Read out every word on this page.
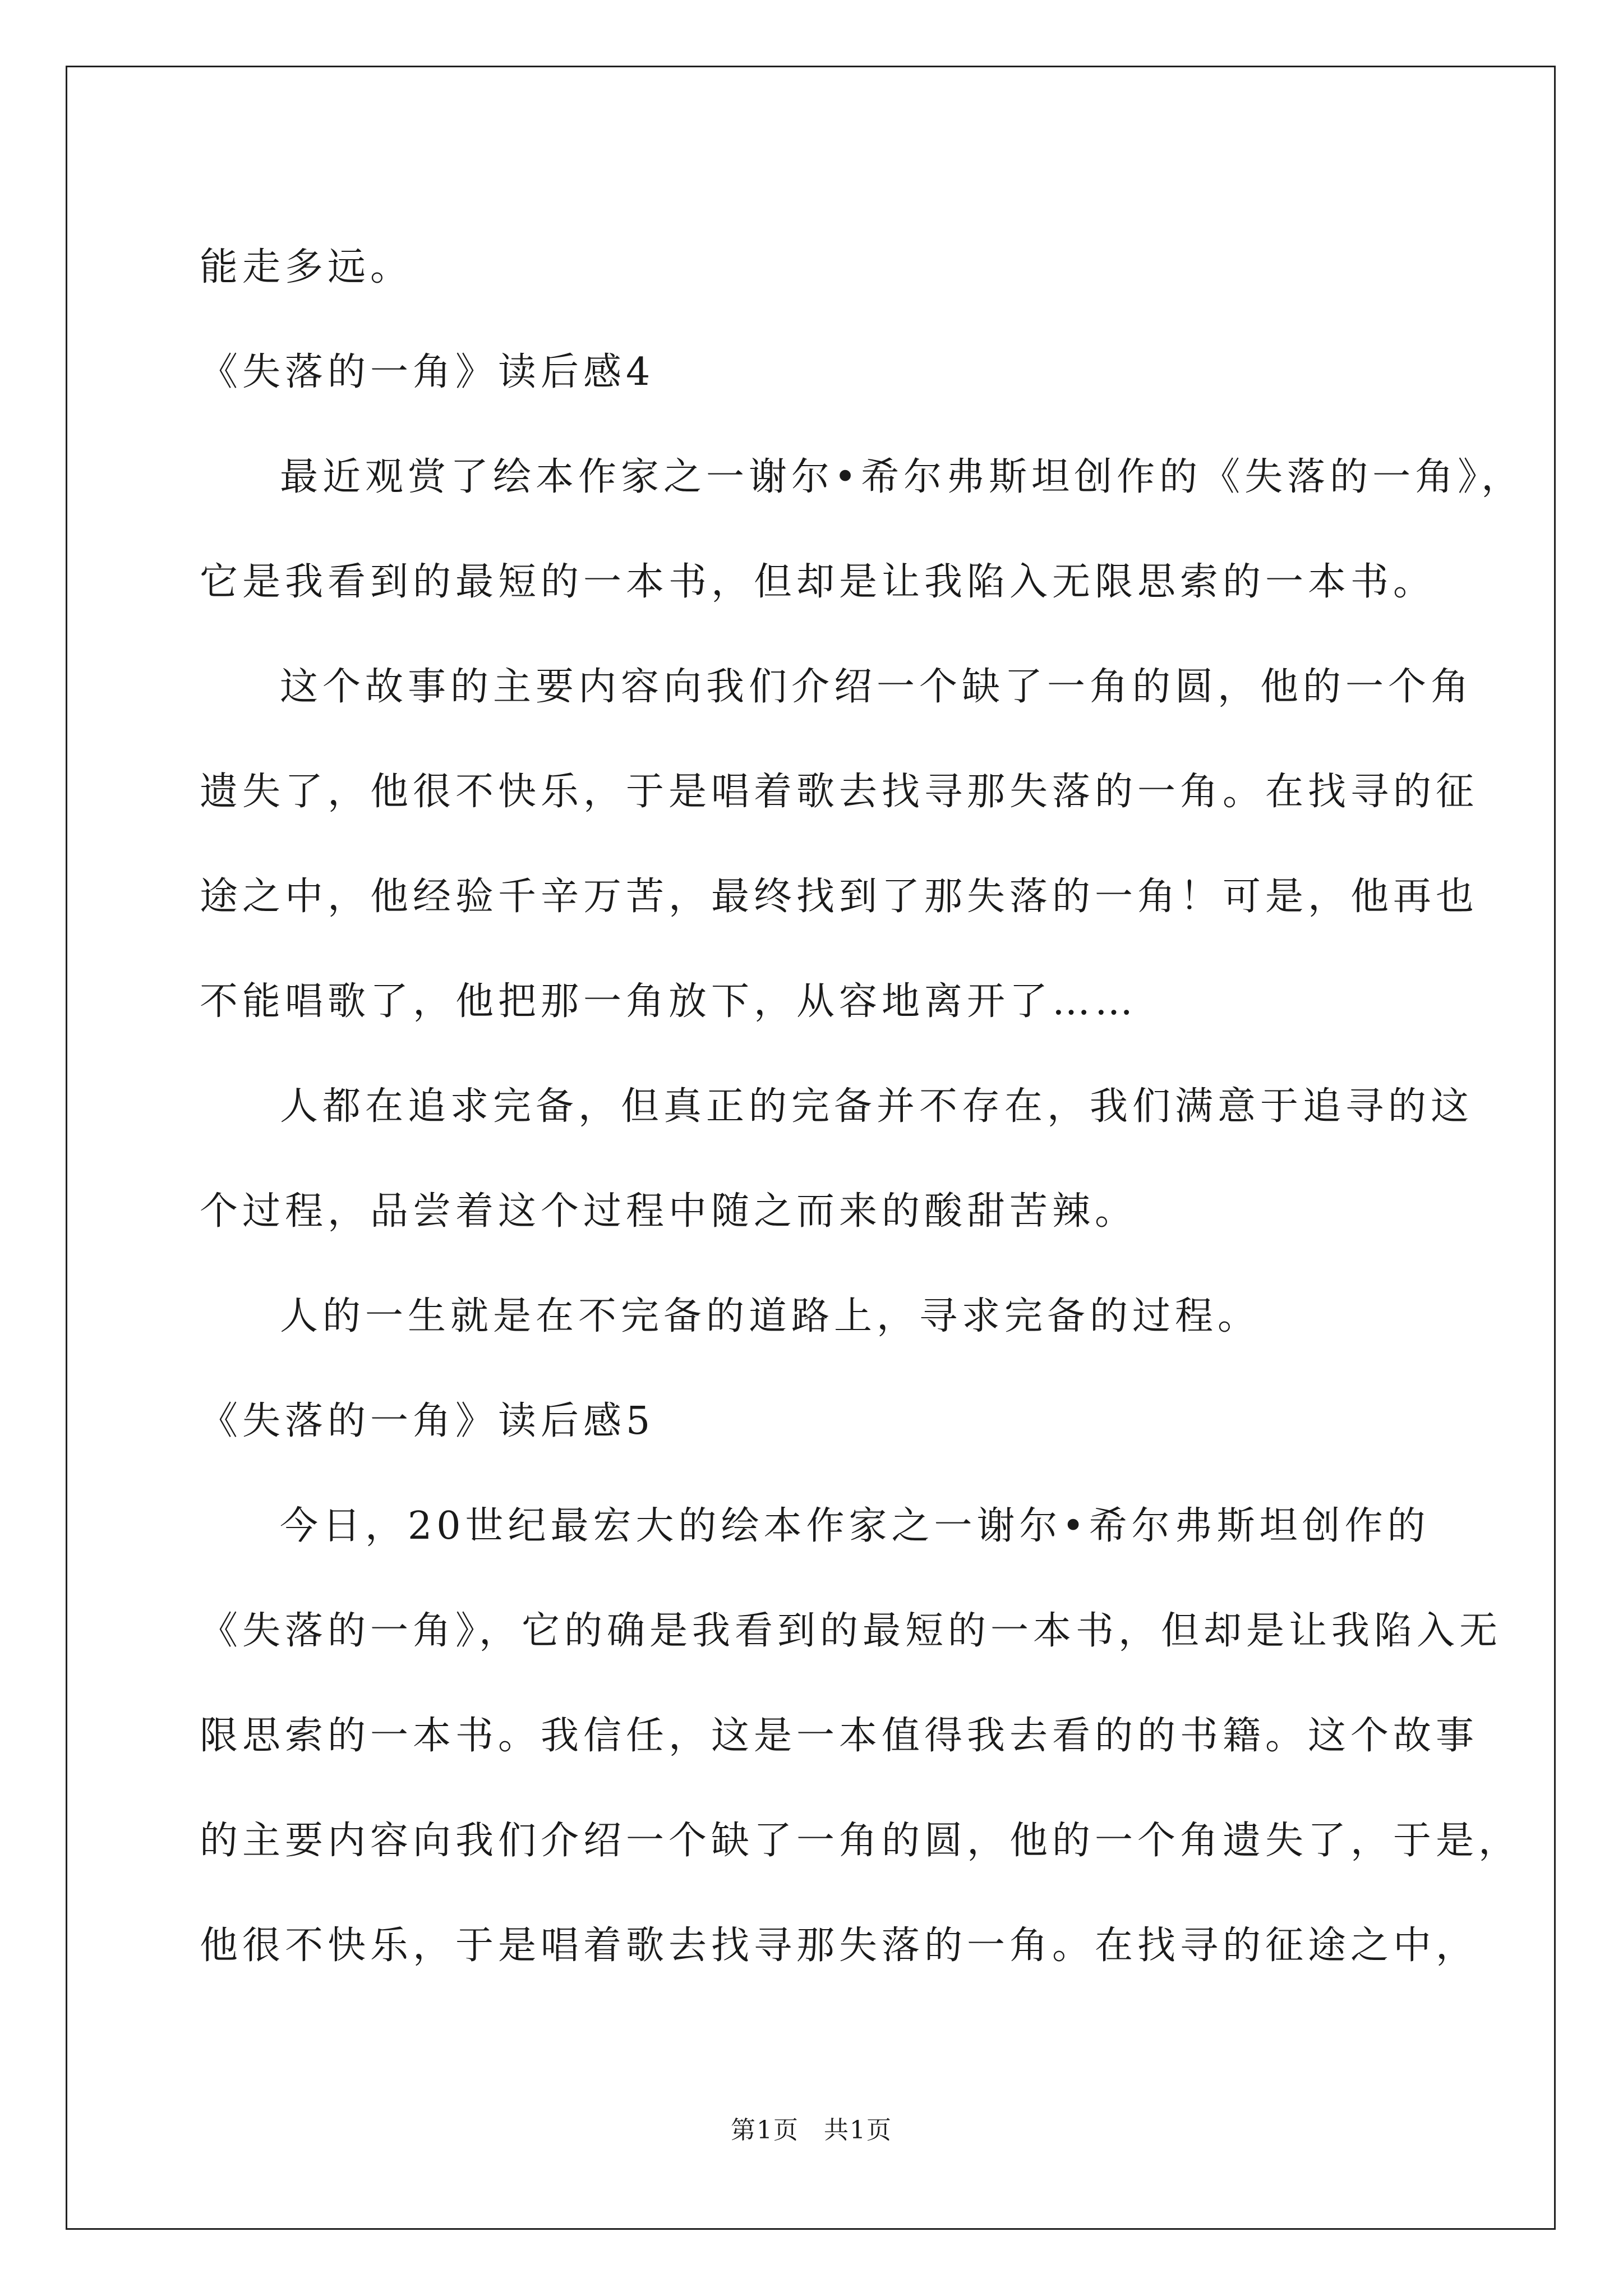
能走多远。
《失落的一角》读后感4
最近观赏了绘本作家之一谢尔•希尔弗斯坦创作的《失落的一角》，
它是我看到的最短的一本书，但却是让我陷入无限思索的一本书。
这个故事的主要内容向我们介绍一个缺了一角的圆，他的一个角
遗失了，他很不快乐，于是唱着歌去找寻那失落的一角。在找寻的征
途之中，他经验千辛万苦，最终找到了那失落的一角！可是，他再也
不能唱歌了，他把那一角放下，从容地离开了……
人都在追求完备，但真正的完备并不存在，我们满意于追寻的这
个过程，品尝着这个过程中随之而来的酸甜苦辣。
人的一生就是在不完备的道路上，寻求完备的过程。
《失落的一角》读后感5
今日，20世纪最宏大的绘本作家之一谢尔•希尔弗斯坦创作的
《失落的一角》，它的确是我看到的最短的一本书，但却是让我陷入无
限思索的一本书。我信任，这是一本值得我去看的的书籍。这个故事
的主要内容向我们介绍一个缺了一角的圆，他的一个角遗失了，于是，
他很不快乐，于是唱着歌去找寻那失落的一角。在找寻的征途之中，
第1页 共1页
